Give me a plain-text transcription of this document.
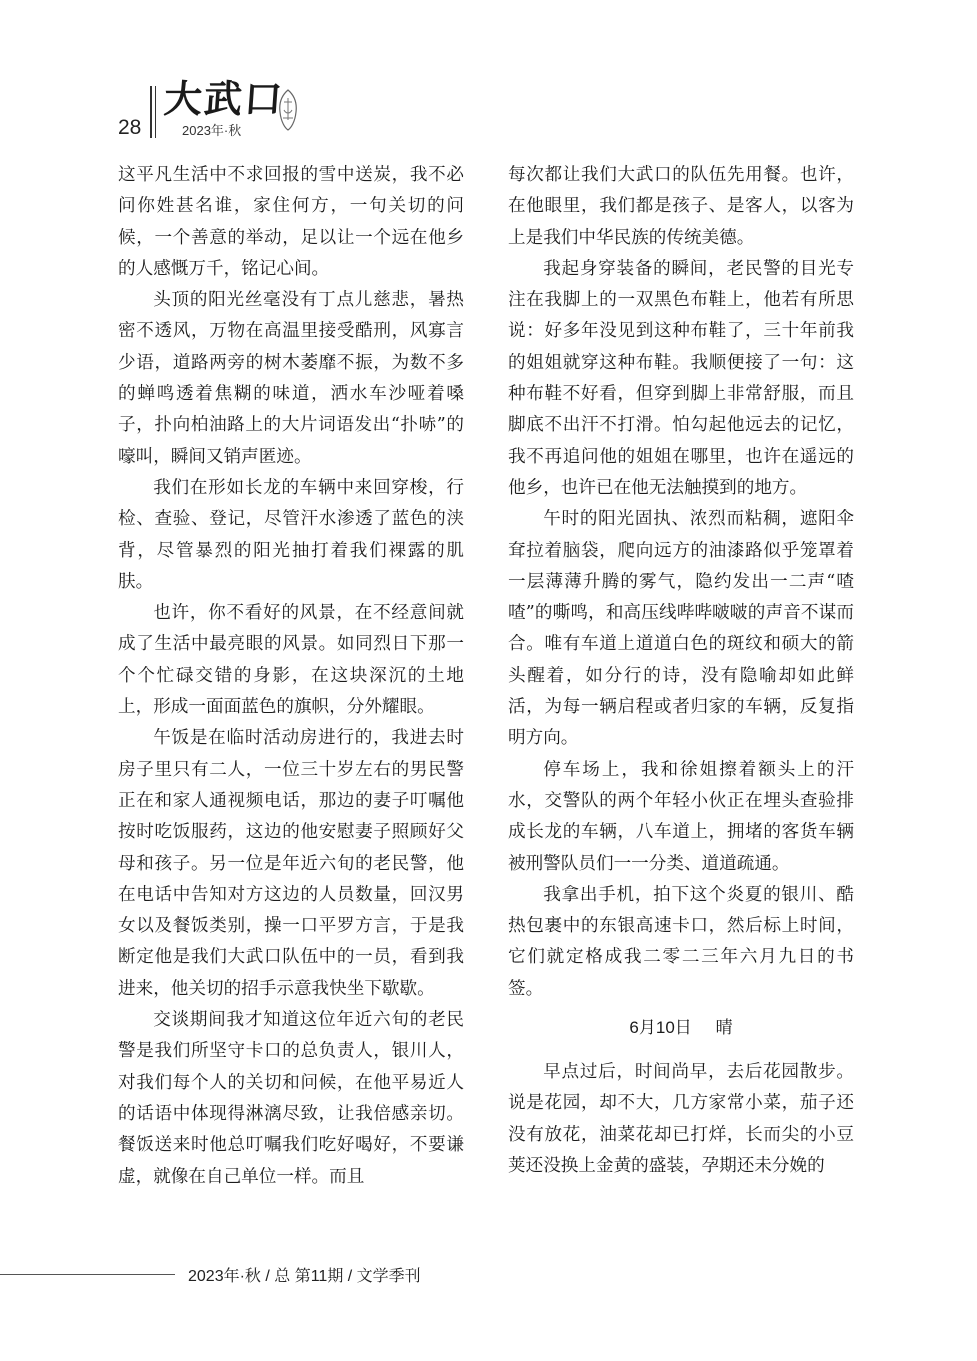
28
大武口
2023年·秋

这平凡生活中不求回报的雪中送炭，我不必问你姓甚名谁，家住何方，一句关切的问候，一个善意的举动，足以让一个远在他乡的人感慨万千，铭记心间。

头顶的阳光丝毫没有丁点儿慈悲，暑热密不透风，万物在高温里接受酷刑，风寡言少语，道路两旁的树木萎靡不振，为数不多的蝉鸣透着焦糊的味道，洒水车沙哑着嗓子，扑向柏油路上的大片词语发出“扑哧”的嚎叫，瞬间又销声匿迹。

我们在形如长龙的车辆中来回穿梭，行检、查验、登记，尽管汗水渗透了蓝色的浃背，尽管暴烈的阳光抽打着我们裸露的肌肤。

也许，你不看好的风景，在不经意间就成了生活中最亮眼的风景。如同烈日下那一个个忙碌交错的身影，在这块深沉的土地上，形成一面面蓝色的旗帜，分外耀眼。

午饭是在临时活动房进行的，我进去时房子里只有二人，一位三十岁左右的男民警正在和家人通视频电话，那边的妻子叮嘱他按时吃饭服药，这边的他安慰妻子照顾好父母和孩子。另一位是年近六旬的老民警，他在电话中告知对方这边的人员数量，回汉男女以及餐饭类别，操一口平罗方言，于是我断定他是我们大武口队伍中的一员，看到我进来，他关切的招手示意我快坐下歇歇。

交谈期间我才知道这位年近六旬的老民警是我们所坚守卡口的总负责人，银川人，对我们每个人的关切和问候，在他平易近人的话语中体现得淋漓尽致，让我倍感亲切。餐饭送来时他总叮嘱我们吃好喝好，不要谦虚，就像在自己单位一样。而且

每次都让我们大武口的队伍先用餐。也许，在他眼里，我们都是孩子、是客人，以客为上是我们中华民族的传统美德。

我起身穿装备的瞬间，老民警的目光专注在我脚上的一双黑色布鞋上，他若有所思说：好多年没见到这种布鞋了，三十年前我的姐姐就穿这种布鞋。我顺便接了一句：这种布鞋不好看，但穿到脚上非常舒服，而且脚底不出汗不打滑。怕勾起他远去的记忆，我不再追问他的姐姐在哪里，也许在遥远的他乡，也许已在他无法触摸到的地方。

午时的阳光固执、浓烈而粘稠，遮阳伞耷拉着脑袋，爬向远方的油漆路似乎笼罩着一层薄薄升腾的雾气，隐约发出一二声“喳喳”的嘶鸣，和高压线哔哔啵啵的声音不谋而合。唯有车道上道道白色的斑纹和硕大的箭头醒着，如分行的诗，没有隐喻却如此鲜活，为每一辆启程或者归家的车辆，反复指明方向。

停车场上，我和徐姐擦着额头上的汗水，交警队的两个年轻小伙正在埋头查验排成长龙的车辆，八车道上，拥堵的客货车辆被刑警队员们一一分类、道道疏通。

我拿出手机，拍下这个炎夏的银川、酷热包裹中的东银高速卡口，然后标上时间，它们就定格成我二零二三年六月九日的书签。

6月10日 晴

早点过后，时间尚早，去后花园散步。说是花园，却不大，几方家常小菜，茄子还没有放花，油菜花却已打烊，长而尖的小豆荚还没换上金黄的盛装，孕期还未分娩的

2023年·秋 / 总 第11期 / 文学季刊
